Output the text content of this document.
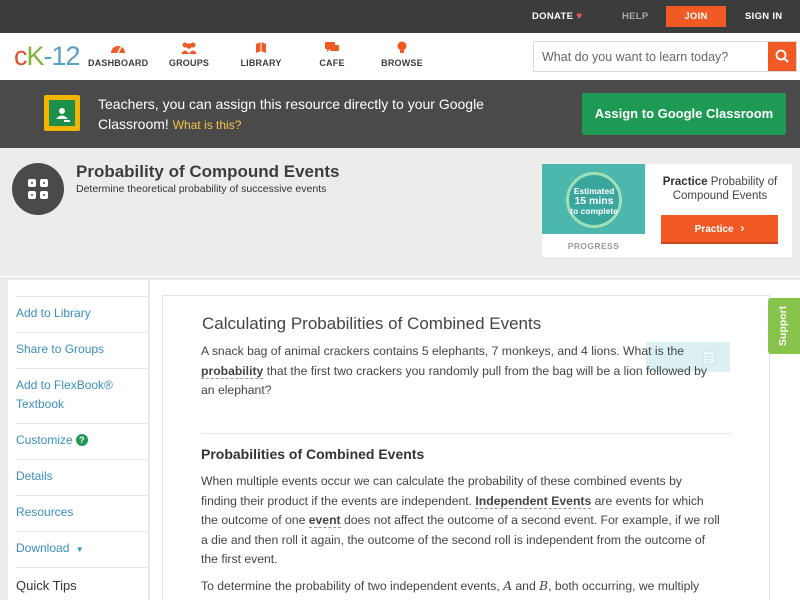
DONATE ♥	HELP	JOIN	SIGN IN
cK-12 DASHBOARD	GROUPS	LIBRARY	CAFE	BROWSE
What do you want to learn today?
Teachers, you can assign this resource directly to your Google Classroom! What is this?
Assign to Google Classroom
Probability of Compound Events
Determine theoretical probability of successive events	Estimated
15 mins
to complete
PROGRESS
Practice Probability of Compound Events
Practice ›
Add to Library
Share to Groups
Add to FlexBook®
Textbook
Customize ?
Details
Resources
Download ▼
Quick Tips
Calculating Probabilities of Combined Events
A snack bag of animal crackers contains 5 elephants, 7 monkeys, and 4 lions. What is the
probability that the first two crackers you randomly pull from the bag will be a lion followed by
an elephant?
Probabilities of Combined Events
When multiple events occur we can calculate the probability of these combined events by
finding their product if the events are independent. Independent Events are events for which
the outcome of one event does not affect the outcome of a second event. For example, if we roll
a die and then roll it again, the outcome of the second roll is independent from the outcome of
the first event.
To determine the probability of two independent events, A and B, both occurring, we multiply
Support
